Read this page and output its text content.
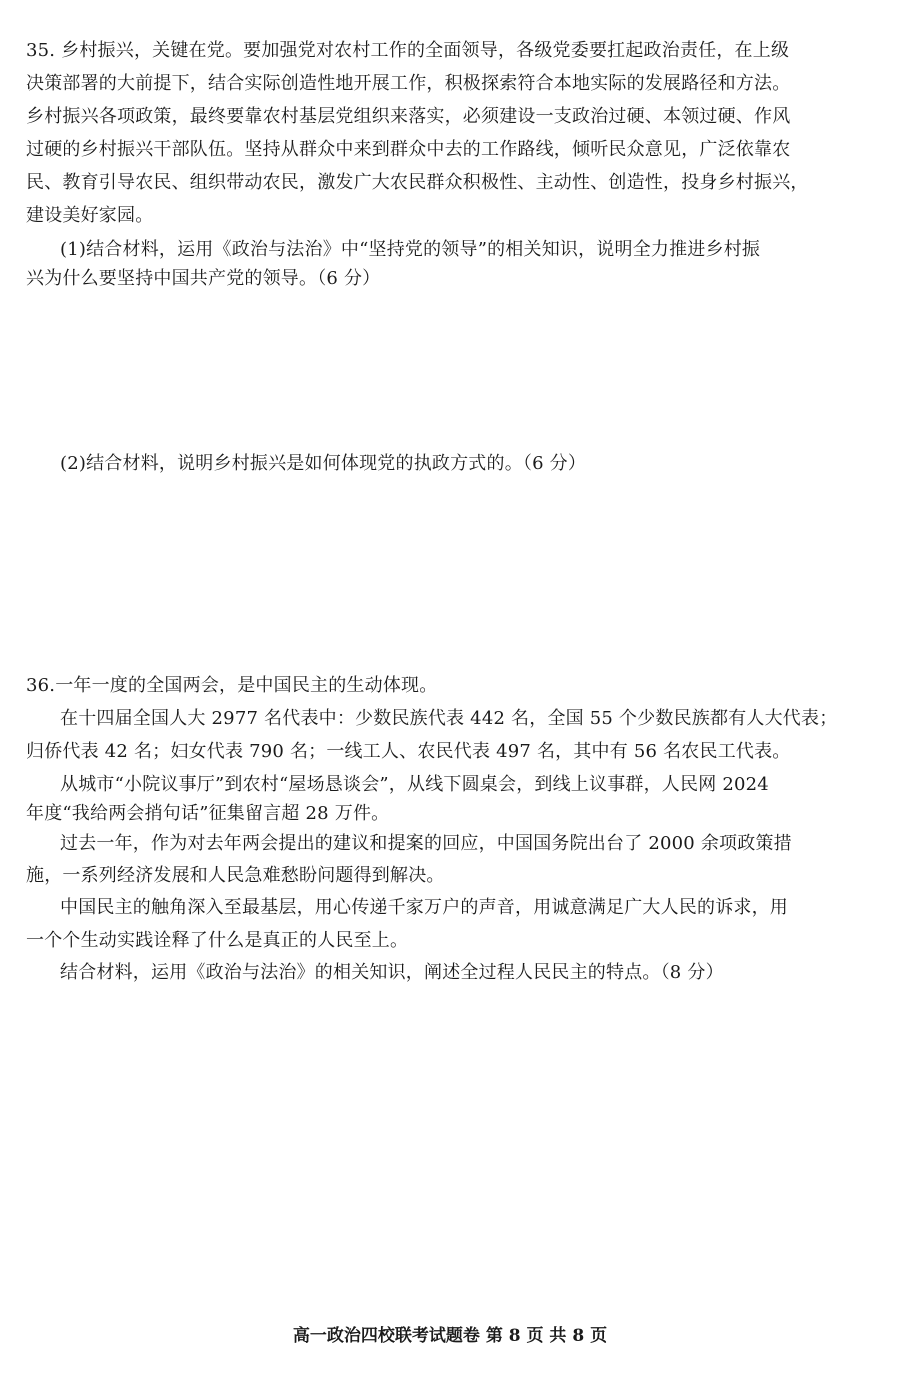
35. 乡村振兴，关键在党。要加强党对农村工作的全面领导，各级党委要扛起政治责任，在上级
决策部署的大前提下，结合实际创造性地开展工作，积极探索符合本地实际的发展路径和方法。
乡村振兴各项政策，最终要靠农村基层党组织来落实，必须建设一支政治过硬、本领过硬、作风
过硬的乡村振兴干部队伍。坚持从群众中来到群众中去的工作路线，倾听民众意见，广泛依靠农
民、教育引导农民、组织带动农民，激发广大农民群众积极性、主动性、创造性，投身乡村振兴，
建设美好家园。
(1)结合材料，运用《政治与法治》中“坚持党的领导”的相关知识，说明全力推进乡村振
兴为什么要坚持中国共产党的领导。（6 分）
(2)结合材料，说明乡村振兴是如何体现党的执政方式的。（6 分）
36.一年一度的全国两会，是中国民主的生动体现。
在十四届全国人大 2977 名代表中：少数民族代表 442 名，全国 55 个少数民族都有人大代表；
归侨代表 42 名；妇女代表 790 名；一线工人、农民代表 497 名，其中有 56 名农民工代表。
从城市“小院议事厅”到农村“屋场恳谈会”，从线下圆桌会，到线上议事群，人民网 2024
年度“我给两会捎句话”征集留言超 28 万件。
过去一年，作为对去年两会提出的建议和提案的回应，中国国务院出台了 2000 余项政策措
施，一系列经济发展和人民急难愁盼问题得到解决。
中国民主的触角深入至最基层，用心传递千家万户的声音，用诚意满足广大人民的诉求，用
一个个生动实践诠释了什么是真正的人民至上。
结合材料，运用《政治与法治》的相关知识，阐述全过程人民民主的特点。（8 分）
高一政治四校联考试题卷 第 8 页 共 8 页
